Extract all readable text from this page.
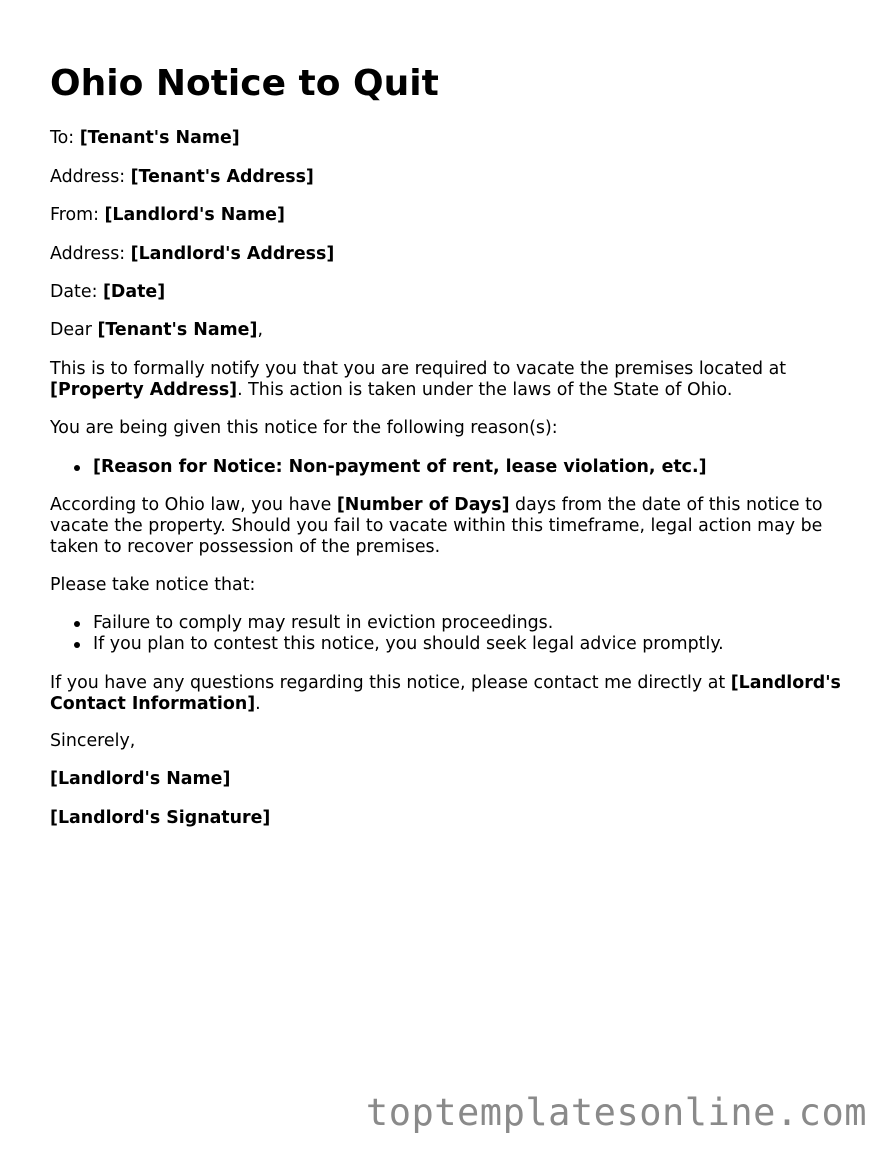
Ohio Notice to Quit

To: [Tenant's Name]

Address: [Tenant's Address]

From: [Landlord's Name]

Address: [Landlord's Address]

Date: [Date]

Dear [Tenant's Name],

This is to formally notify you that you are required to vacate the premises located at
[Property Address]. This action is taken under the laws of the State of Ohio.

You are being given this notice for the following reason(s):

[Reason for Notice: Non-payment of rent, lease violation, etc.]

According to Ohio law, you have [Number of Days] days from the date of this notice to
vacate the property. Should you fail to vacate within this timeframe, legal action may be
taken to recover possession of the premises.

Please take notice that:

Failure to comply may result in eviction proceedings.
If you plan to contest this notice, you should seek legal advice promptly.

If you have any questions regarding this notice, please contact me directly at [Landlord's
Contact Information].

Sincerely,

[Landlord's Name]

[Landlord's Signature]

toptemplatesonline.com
